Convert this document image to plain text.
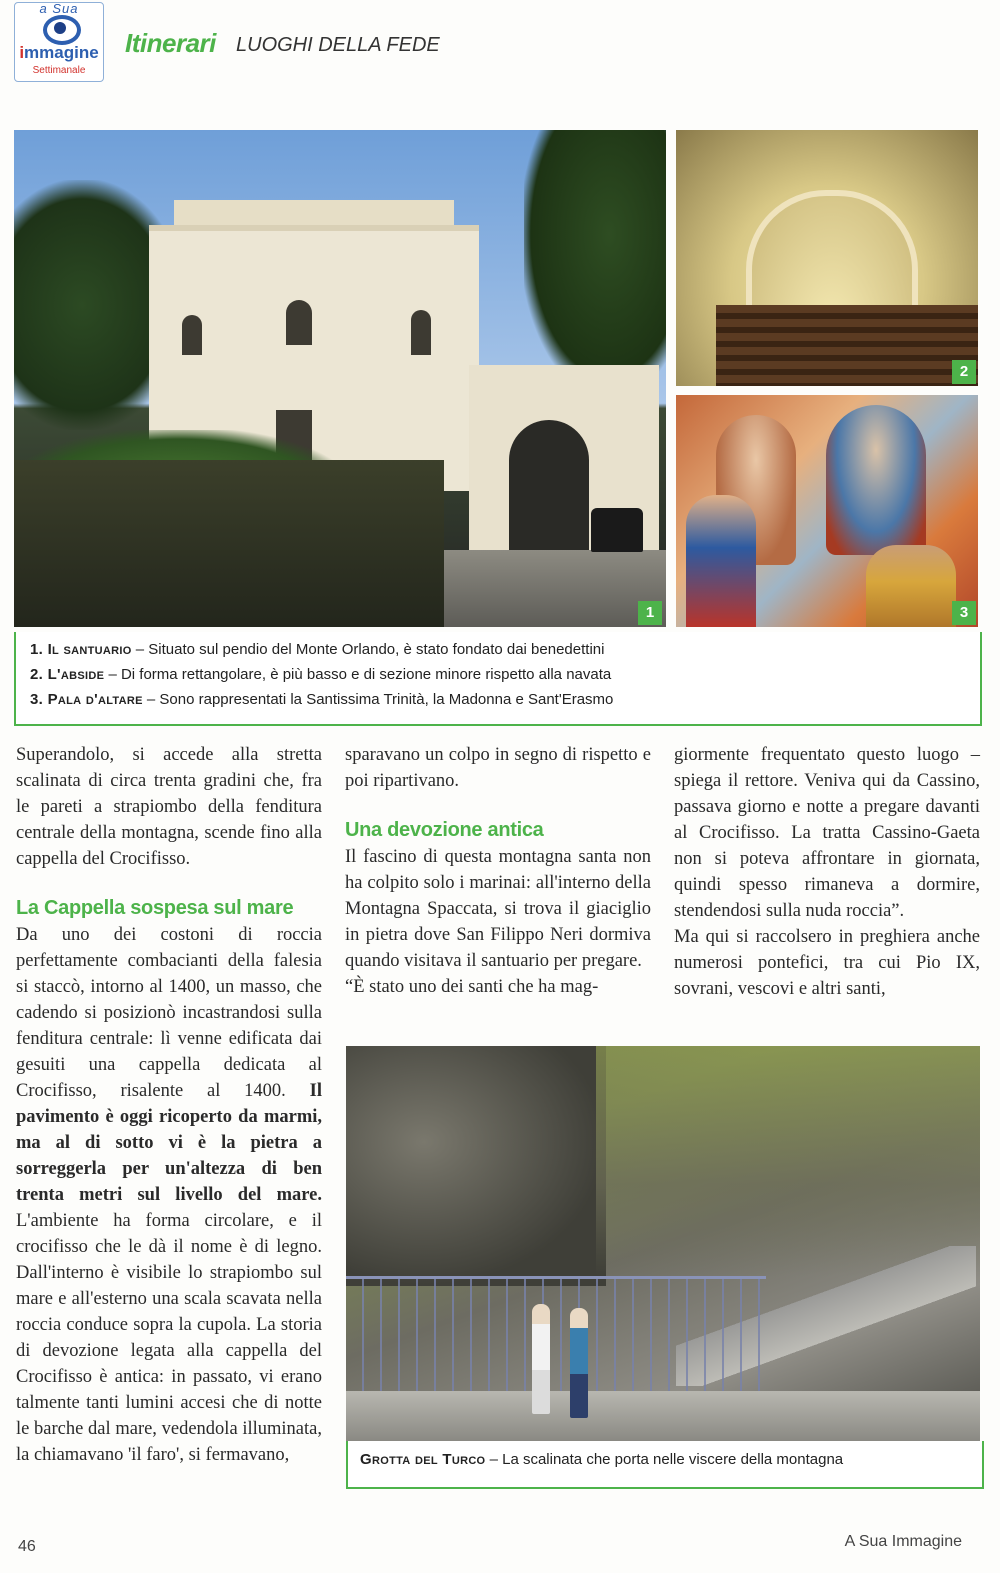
a Sua
immagine
Settimanale
Itinerari LUOGHI DELLA FEDE
1
2
3
1. Il santuario – Situato sul pendio del Monte Orlando, è stato fondato dai benedettini
2. L'abside – Di forma rettangolare, è più basso e di sezione minore rispetto alla navata
3. Pala d'altare – Sono rappresentati la Santissima Trinità, la Madonna e Sant'Erasmo

Superandolo, si accede alla stretta scalinata di circa trenta gradini che, fra le pareti a strapiombo della fenditura centrale della montagna, scende fino alla cappella del Crocifisso.

La Cappella sospesa sul mare

Da uno dei costoni di roccia perfettamente combacianti della falesia si staccò, intorno al 1400, un masso, che cadendo si posizionò incastrandosi sulla fenditura centrale: lì venne edificata dai gesuiti una cappella dedicata al Crocifisso, risalente al 1400. Il pavimento è oggi ricoperto da marmi, ma al di sotto vi è la pietra a sorreggerla per un'altezza di ben trenta metri sul livello del mare. L'ambiente ha forma circolare, e il crocifisso che le dà il nome è di legno. Dall'interno è visibile lo strapiombo sul mare e all'esterno una scala scavata nella roccia conduce sopra la cupola. La storia di devozione legata alla cappella del Crocifisso è antica: in passato, vi erano talmente tanti lumini accesi che di notte le barche dal mare, vedendola illuminata, la chiamavano 'il faro', si fermavano,

sparavano un colpo in segno di rispetto e poi ripartivano.

Una devozione antica

Il fascino di questa montagna santa non ha colpito solo i marinai: all'interno della Montagna Spaccata, si trova il giaciglio in pietra dove San Filippo Neri dormiva quando visitava il santuario per pregare.

“È stato uno dei santi che ha mag-

giormente frequentato questo luogo – spiega il rettore. Veniva qui da Cassino, passava giorno e notte a pregare davanti al Crocifisso. La tratta Cassino-Gaeta non si poteva affrontare in giornata, quindi spesso rimaneva a dormire, stendendosi sulla nuda roccia”.

Ma qui si raccolsero in preghiera anche numerosi pontefici, tra cui Pio IX, sovrani, vescovi e altri santi,

Grotta del Turco – La scalinata che porta nelle viscere della montagna
46	A Sua Immagine
